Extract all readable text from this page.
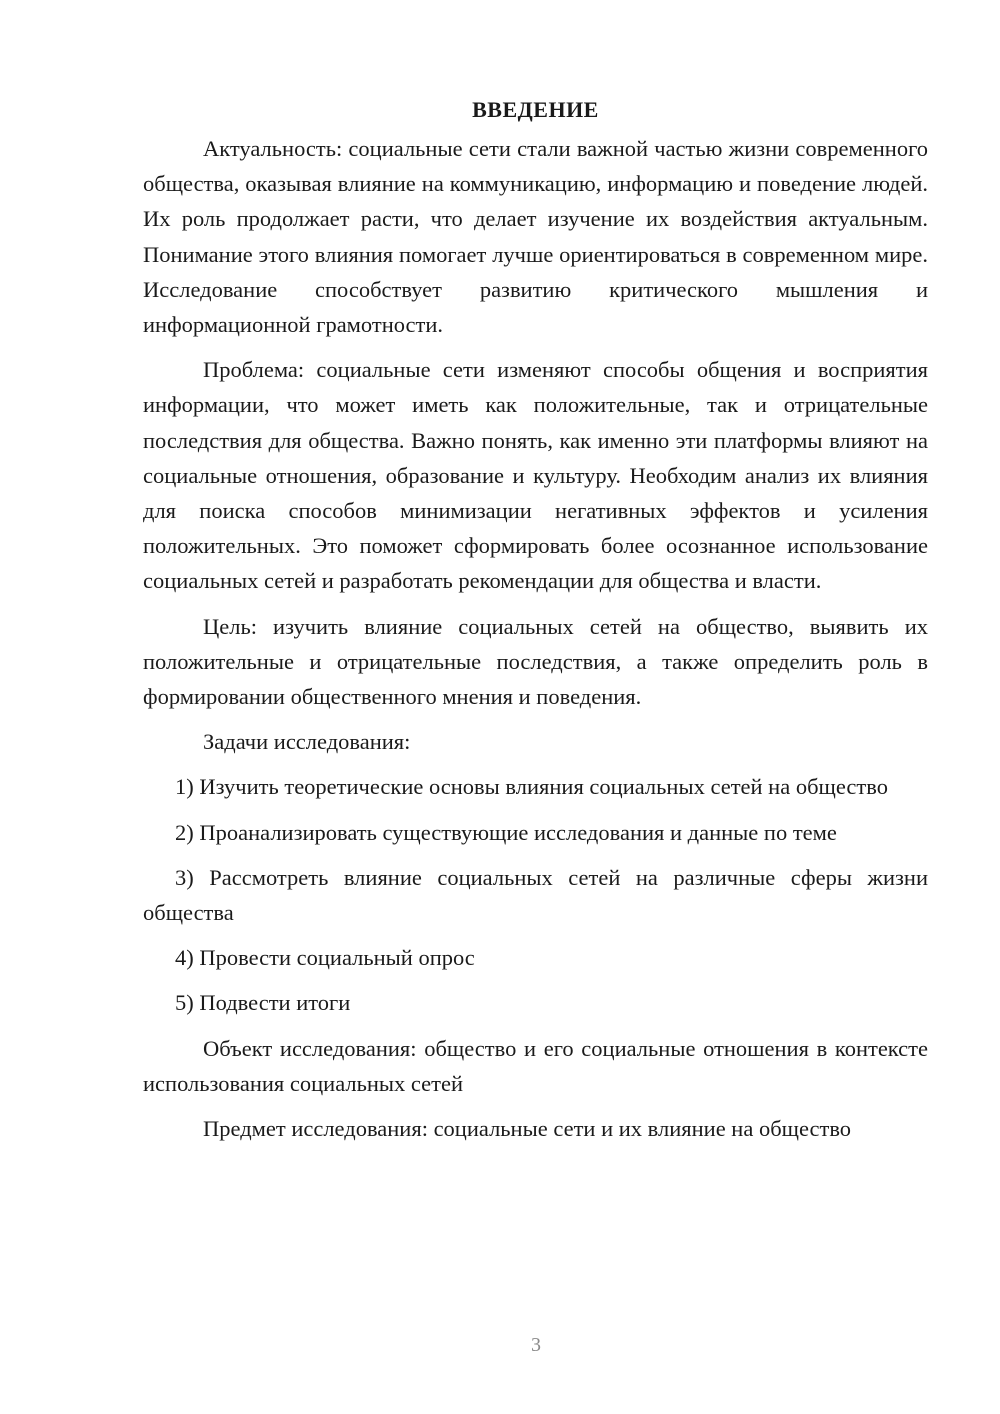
ВВЕДЕНИЕ

Актуальность: социальные сети стали важной частью жизни современного общества, оказывая влияние на коммуникацию, информацию и поведение людей. Их роль продолжает расти, что делает изучение их воздействия актуальным. Понимание этого влияния помогает лучше ориентироваться в современном мире. Исследование способствует развитию критического мышления и информационной грамотности.

Проблема: социальные сети изменяют способы общения и восприятия информации, что может иметь как положительные, так и отрицательные последствия для общества. Важно понять, как именно эти платформы влияют на социальные отношения, образование и культуру. Необходим анализ их влияния для поиска способов минимизации негативных эффектов и усиления положительных. Это поможет сформировать более осознанное использование социальных сетей и разработать рекомендации для общества и власти.

Цель: изучить влияние социальных сетей на общество, выявить их положительные и отрицательные последствия, а также определить роль в формировании общественного мнения и поведения.

Задачи исследования:

1) Изучить теоретические основы влияния социальных сетей на общество

2) Проанализировать существующие исследования и данные по теме

3) Рассмотреть влияние социальных сетей на различные сферы жизни общества

4) Провести социальный опрос

5) Подвести итоги

Объект исследования: общество и его социальные отношения в контексте использования социальных сетей

Предмет исследования: социальные сети и их влияние на общество

3
